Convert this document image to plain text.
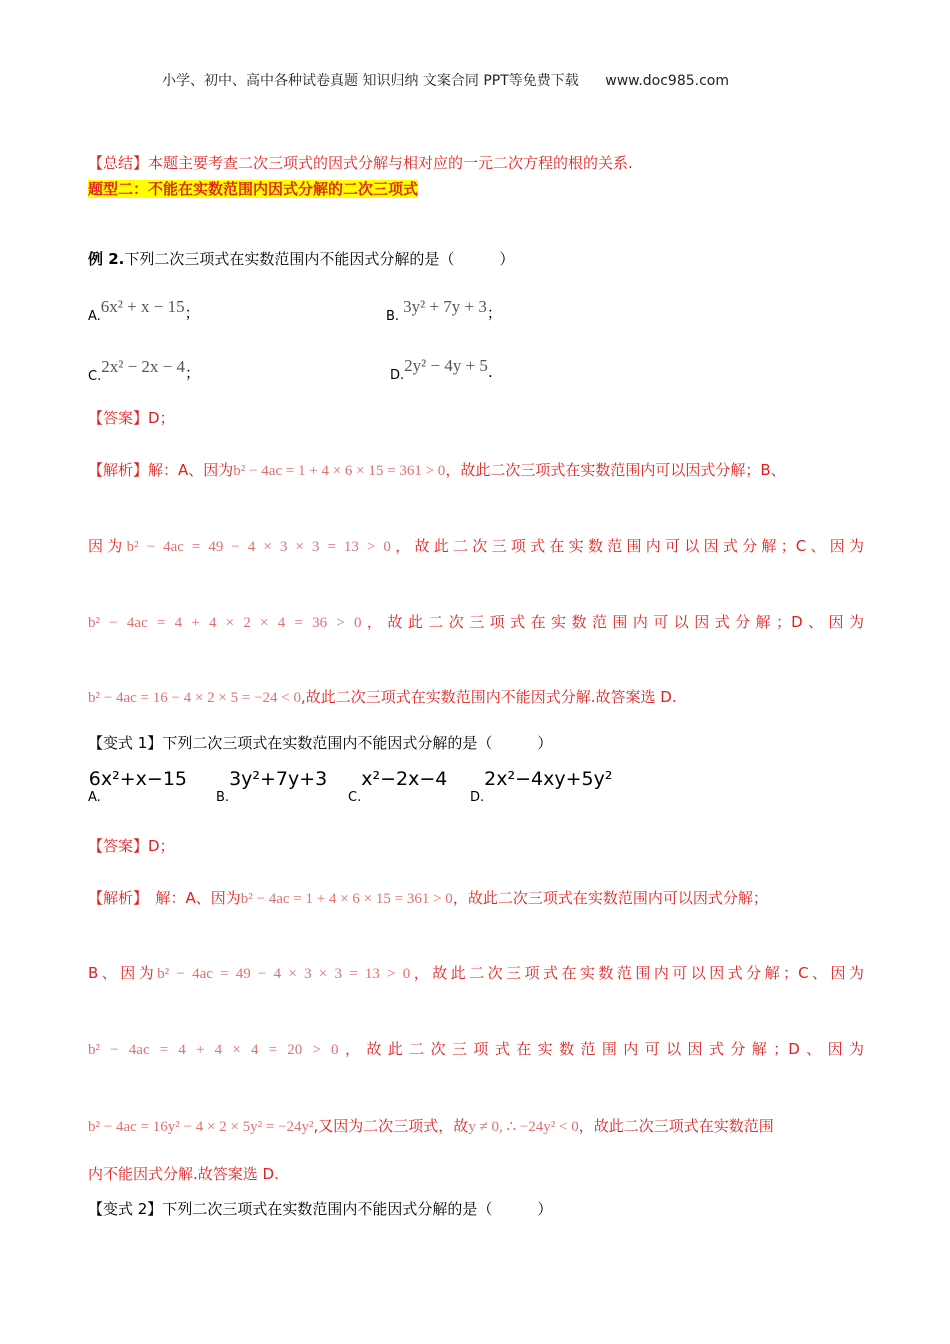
小学、初中、高中各种试卷真题 知识归纳 文案合同 PPT等免费下载 www.doc985.com
【总结】本题主要考查二次三项式的因式分解与相对应的一元二次方程的根的关系.
题型二：不能在实数范围内因式分解的二次三项式
例 2.下列二次三项式在实数范围内不能因式分解的是（　　　）
A.6x² + x − 15；	B.3y² + 7y + 3；
C.2x² − 2x − 4；	D.2y² − 4y + 5.
【答案】D；
【解析】解：A、因为b² − 4ac = 1 + 4 × 6 × 15 = 361 > 0，故此二次三项式在实数范围内可以因式分解；B、
因为b² − 4ac = 49 − 4 × 3 × 3 = 13 > 0，故此二次三项式在实数范围内可以因式分解；C、因为
b² − 4ac = 4 + 4 × 2 × 4 = 36 > 0，故此二次三项式在实数范围内可以因式分解；D、因为
b² − 4ac = 16 − 4 × 2 × 5 = −24 < 0,故此二次三项式在实数范围内不能因式分解.故答案选 D.
【变式 1】下列二次三项式在实数范围内不能因式分解的是（　　　）
A.6x²+x−15
B.3y²+7y+3
C.x²−2x−4
D.2x²−4xy+5y²
【答案】D；
【解析】　解：A、因为b² − 4ac = 1 + 4 × 6 × 15 = 361 > 0，故此二次三项式在实数范围内可以因式分解；
B、因为b² − 4ac = 49 − 4 × 3 × 3 = 13 > 0，故此二次三项式在实数范围内可以因式分解；C、因为
b² − 4ac = 4 + 4 × 4 = 20 > 0，故此二次三项式在实数范围内可以因式分解；D、因为
b² − 4ac = 16y² − 4 × 2 × 5y² = −24y²,又因为二次三项式，故y ≠ 0, ∴ −24y² < 0，故此二次三项式在实数范围
内不能因式分解.故答案选 D.
【变式 2】下列二次三项式在实数范围内不能因式分解的是（　　　）
